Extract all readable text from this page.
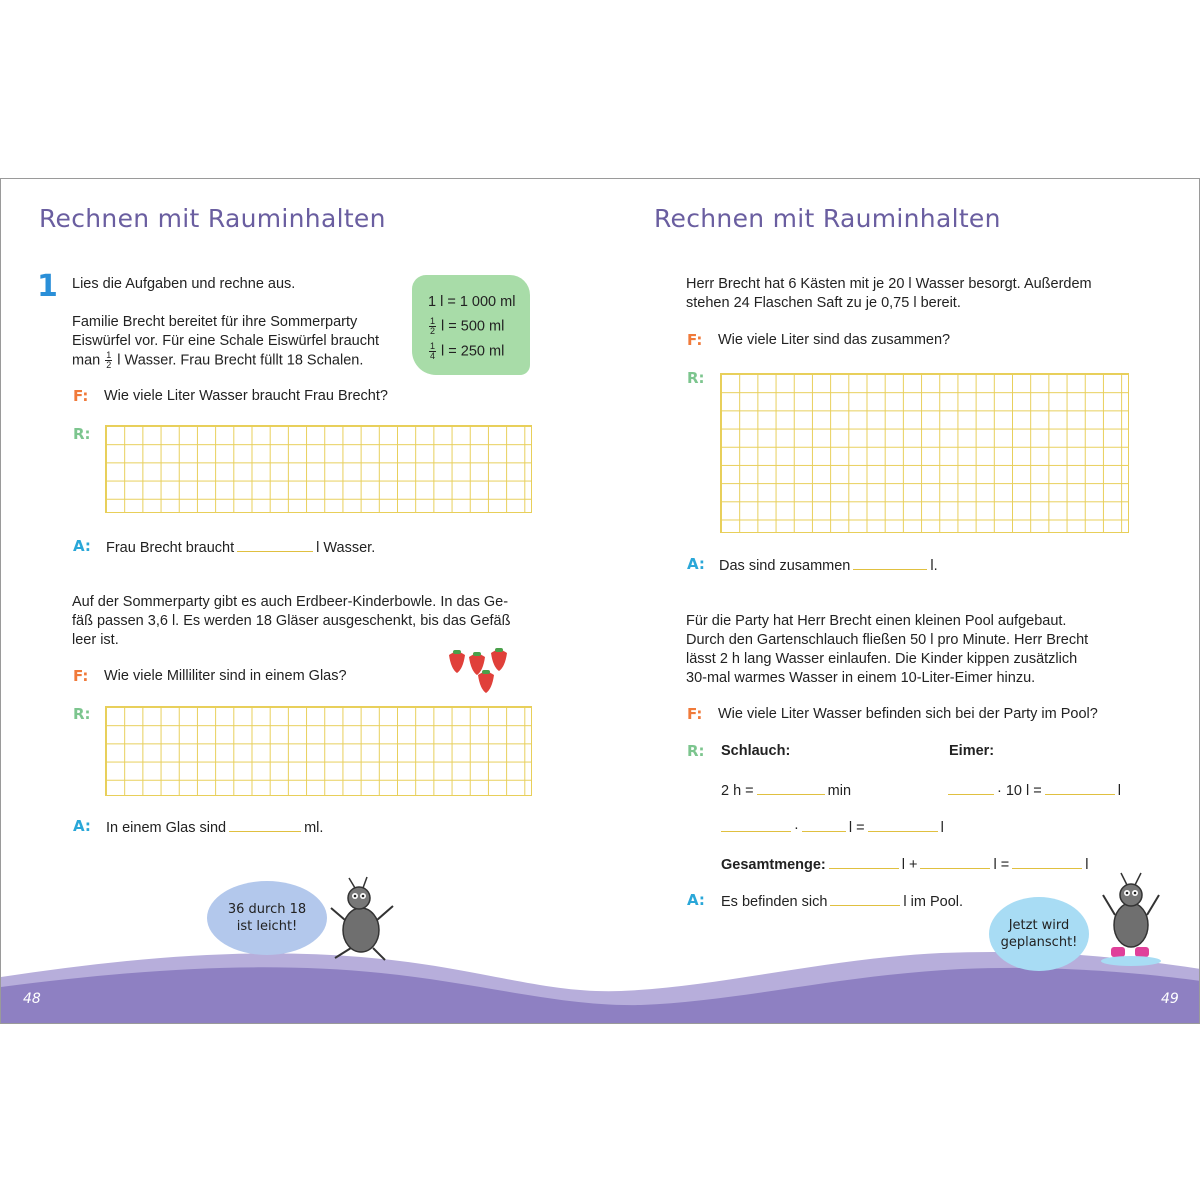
48	49
Rechnen mit Rauminhalten
1 Lies die Aufgaben und rechne aus.
1 l = 1 000 ml
$\frac{1}{2}$ l = 500 ml
$\frac{1}{4}$ l = 250 ml
Familie Brecht bereitet für ihre Sommerparty
Eiswürfel vor. Für eine Schale Eiswürfel braucht
man $\frac{1}{2}$ l Wasser. Frau Brecht füllt 18 Schalen.
F: Wie viele Liter Wasser braucht Frau Brecht?
R:
A: Frau Brecht braucht	l Wasser.
Auf der Sommerparty gibt es auch Erdbeer-Kinderbowle. In das Ge-
fäß passen 3,6 l. Es werden 18 Gläser ausgeschenkt, bis das Gefäß
leer ist.
F: Wie viele Milliliter sind in einem Glas?
R:
A: In einem Glas sind	ml.
36 durch 18
ist leicht!
Rechnen mit Rauminhalten
Herr Brecht hat 6 Kästen mit je 20 l Wasser besorgt. Außerdem
stehen 24 Flaschen Saft zu je 0,75 l bereit.
F: Wie viele Liter sind das zusammen?
R:
A: Das sind zusammen	l.
Für die Party hat Herr Brecht einen kleinen Pool aufgebaut.
Durch den Gartenschlauch fließen 50 l pro Minute. Herr Brecht
lässt 2 h lang Wasser einlaufen. Die Kinder kippen zusätzlich
30-mal warmes Wasser in einem 10-Liter-Eimer hinzu.
F: Wie viele Liter Wasser befinden sich bei der Party im Pool?
R: Schlauch:	Eimer:
2 h =	min	· 10 l =	l
·	l =	l
Gesamtmenge:	l +	l =	l
A: Es befinden sich	l im Pool.
Jetzt wird
geplanscht!
